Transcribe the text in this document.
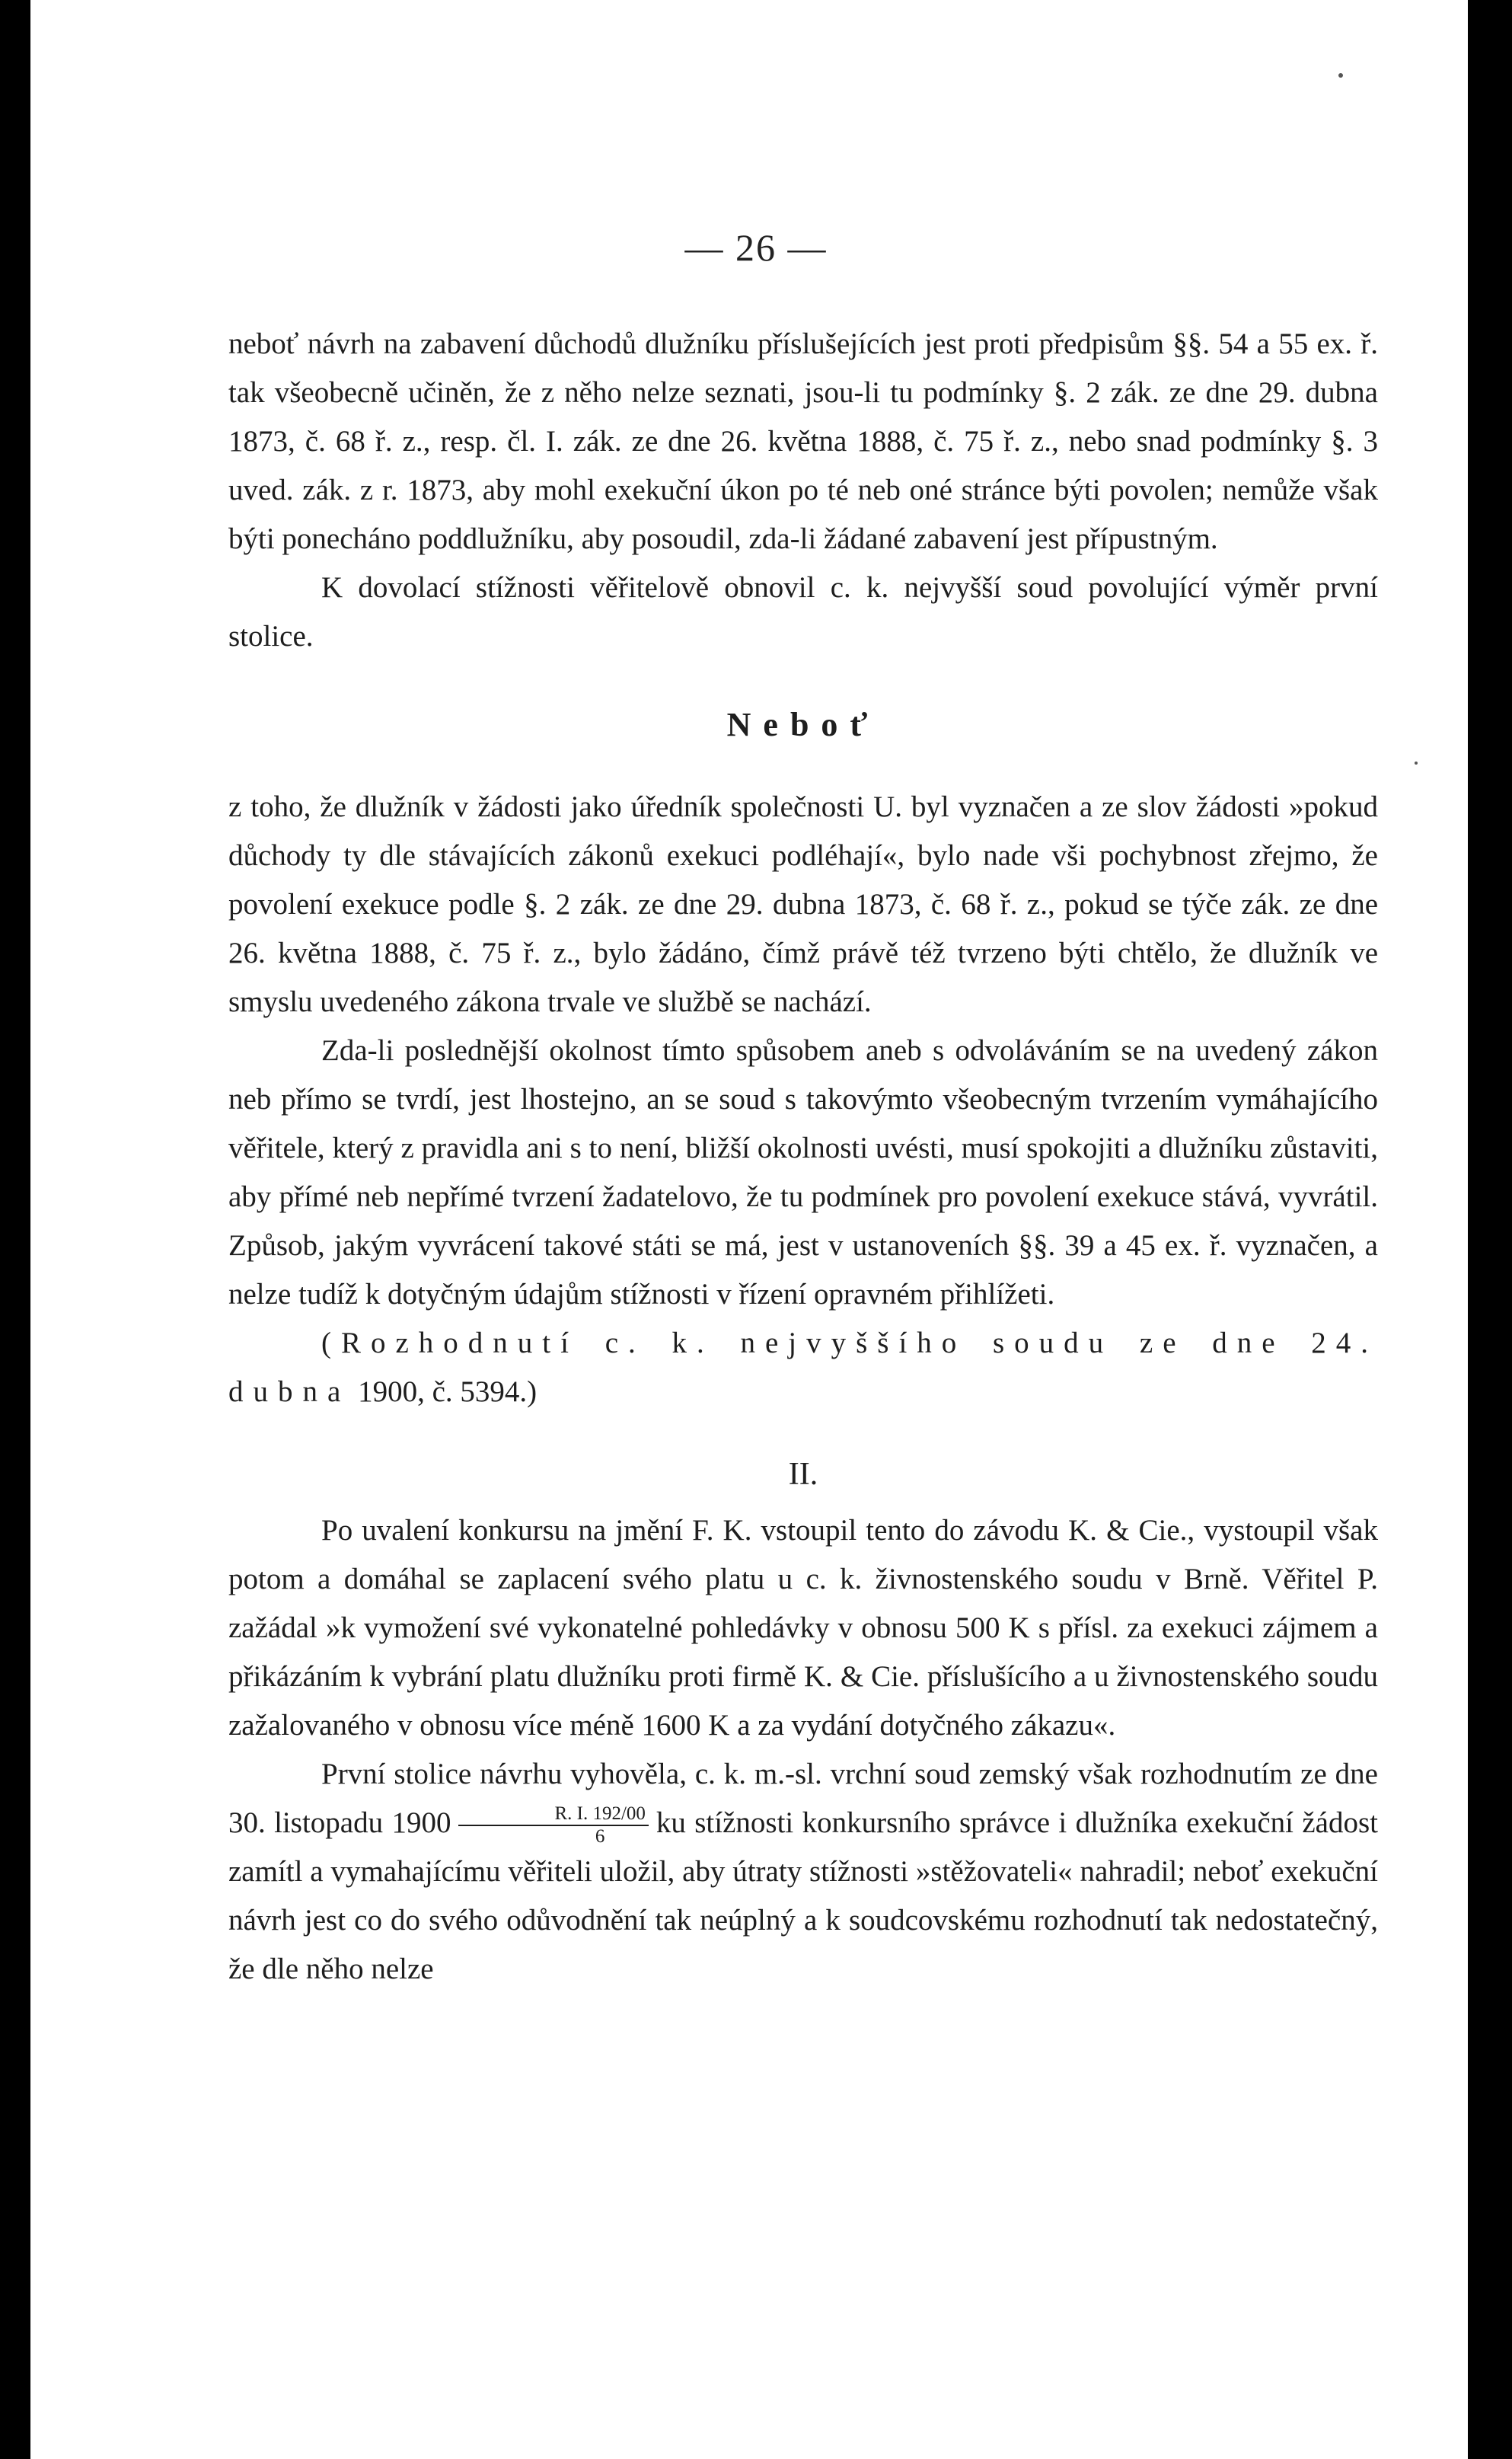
— 26 —

neboť návrh na zabavení důchodů dlužníku příslušejících jest proti předpisům §§. 54 a 55 ex. ř. tak všeobecně učiněn, že z něho nelze seznati, jsou-li tu podmínky §. 2 zák. ze dne 29. dubna 1873, č. 68 ř. z., resp. čl. I. zák. ze dne 26. května 1888, č. 75 ř. z., nebo snad podmínky §. 3 uved. zák. z r. 1873, aby mohl exekuční úkon po té neb oné stránce býti povolen; nemůže však býti ponecháno poddlužníku, aby posoudil, zda-li žádané zabavení jest přípustným.

K dovolací stížnosti věřitelově obnovil c. k. nejvyšší soud povolující výměr první stolice.

Neboť

z toho, že dlužník v žádosti jako úředník společnosti U. byl vyznačen a ze slov žádosti »pokud důchody ty dle stávajících zákonů exekuci podléhají«, bylo nade vši pochybnost zřejmo, že povolení exekuce podle §. 2 zák. ze dne 29. dubna 1873, č. 68 ř. z., pokud se týče zák. ze dne 26. května 1888, č. 75 ř. z., bylo žádáno, čímž právě též tvrzeno býti chtělo, že dlužník ve smyslu uvedeného zákona trvale ve službě se nachází.

Zda-li poslednější okolnost tímto spůsobem aneb s odvoláváním se na uvedený zákon neb přímo se tvrdí, jest lhostejno, an se soud s takovýmto všeobecným tvrzením vymáhajícího věřitele, který z pravidla ani s to není, bližší okolnosti uvésti, musí spokojiti a dlužníku zůstaviti, aby přímé neb nepřímé tvrzení žadatelovo, že tu podmínek pro povolení exekuce stává, vyvrátil. Způsob, jakým vyvrácení takové státi se má, jest v ustanoveních §§. 39 a 45 ex. ř. vyznačen, a nelze tudíž k dotyčným údajům stížnosti v řízení opravném přihlížeti.

(Rozhodnutí c. k. nejvyššího soudu ze dne 24. dubna 1900, č. 5394.)

II.

Po uvalení konkursu na jmění F. K. vstoupil tento do závodu K. & Cie., vystoupil však potom a domáhal se zaplacení svého platu u c. k. živnostenského soudu v Brně. Věřitel P. zažádal »k vymožení své vykonatelné pohledávky v obnosu 500 K s přísl. za exekuci zájmem a přikázáním k vybrání platu dlužníku proti firmě K. & Cie. příslušícího a u živnostenského soudu zažalovaného v obnosu více méně 1600 K a za vydání dotyčného zákazu«.

První stolice návrhu vyhověla, c. k. m.-sl. vrchní soud zemský však rozhodnutím ze dne 30. listopadu $1900 \frac{R. I. 192/00}{6}$ ku stížnosti konkursního správce i dlužníka exekuční žádost zamítl a vymahajícímu věřiteli uložil, aby útraty stížnosti »stěžovateli« nahradil; neboť exekuční návrh jest co do svého odůvodnění tak neúplný a k soudcovskému rozhodnutí tak nedostatečný, že dle něho nelze
